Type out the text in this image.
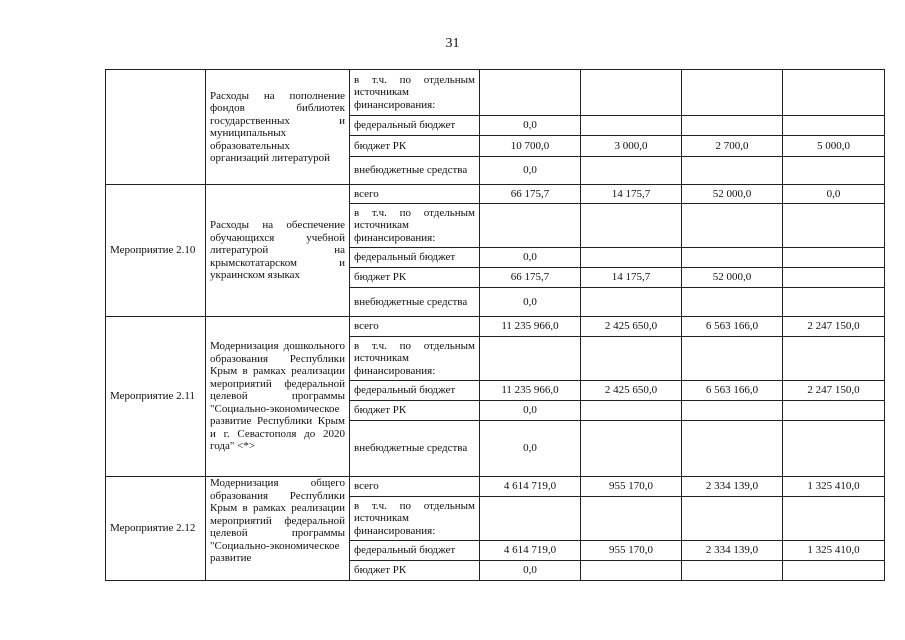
31
	Расходы на пополнение фондов библиотек государственных и муниципальных образовательных организаций литературой	в т.ч. по отдельным источникам финансирования:				
		федеральный бюджет	0,0			
		бюджет РК	10 700,0	3 000,0	2 700,0	5 000,0
		внебюджетные средства	0,0			
Мероприятие 2.10	Расходы на обеспечение обучающихся учебной литературой на крымскотатарском и украинском языках	всего	66 175,7	14 175,7	52 000,0	0,0
		в т.ч. по отдельным источникам финансирования:				
		федеральный бюджет	0,0			
		бюджет РК	66 175,7	14 175,7	52 000,0	
		внебюджетные средства	0,0			
Мероприятие 2.11	Модернизация дошкольного образования Республики Крым в рамках реализации мероприятий федеральной целевой программы "Социально-экономическое развитие Республики Крым и г. Севастополя до 2020 года" <*>	всего	11 235 966,0	2 425 650,0	6 563 166,0	2 247 150,0
		в т.ч. по отдельным источникам финансирования:				
		федеральный бюджет	11 235 966,0	2 425 650,0	6 563 166,0	2 247 150,0
		бюджет РК	0,0			
		внебюджетные средства	0,0			
Мероприятие 2.12	Модернизация общего образования Республики Крым в рамках реализации мероприятий федеральной целевой программы "Социально-экономическое развитие	всего	4 614 719,0	955 170,0	2 334 139,0	1 325 410,0
		в т.ч. по отдельным источникам финансирования:				
		федеральный бюджет	4 614 719,0	955 170,0	2 334 139,0	1 325 410,0
		бюджет РК	0,0			
